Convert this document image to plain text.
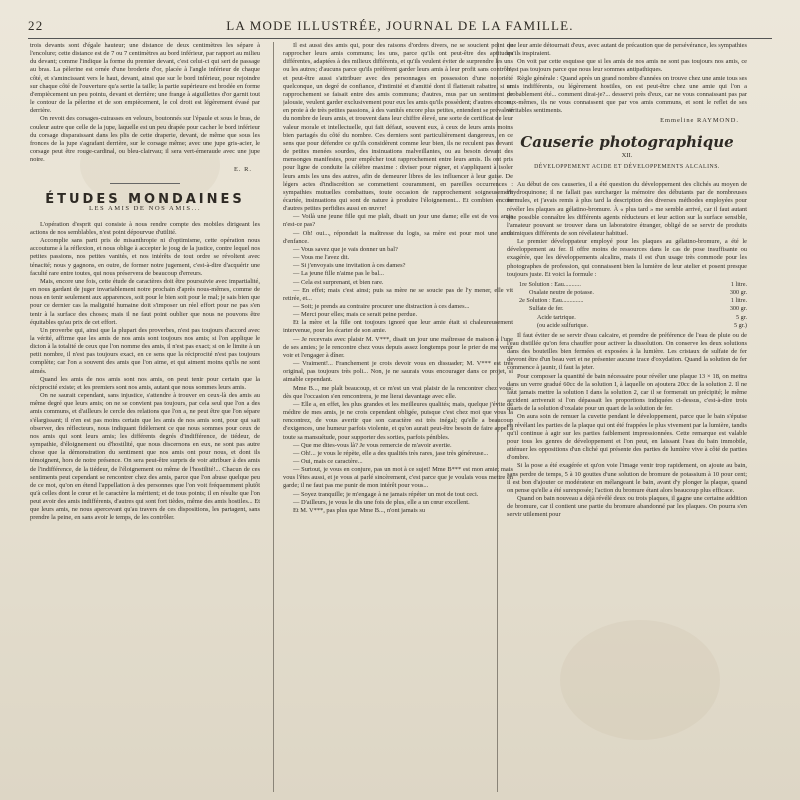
22	LA MODE ILLUSTRÉE, JOURNAL DE LA FAMILLE.

trois devants sont d'égale hauteur; une distance de deux centimètres les sépare à l'encolure; cette distance est de 7 ou 7 centimètres au bord inférieur, par rapport au milieu du devant; comme l'indique la forme du premier devant, c'est celui-ci qui sert de passage au bras. La pèlerine est ornée d'une broderie d'or, placée à l'angle inférieur de chaque côté, et s'amincissant vers le haut, devant, ainsi que sur le bord inférieur, pour rejoindre sur chaque côté de l'ouverture qu'a sertie la taille; la partie supérieure est brodée en forme d'empiècement un peu pointu, devant et derrière; une frange à aiguillettes d'or garnit tout le contour de la pèlerine et de son empiècement, le col droit est légèrement évasé par derrière.

On revoit des corsages-cuirasses en velours, boutonnés sur l'épaule et sous le bras, de couleur autre que celle de la jupe, laquelle est un peu drapée pour cacher le bord inférieur du corsage disparaissant dans les plis de cette draperie, devant, de même que sous les fronces de la jupe s'agrafant derrière, sur le corsage même; avec une jupe gris-acier, le corsage peut être rouge-cardinal, ou bleu-clairvau; il sera vert-émeraude avec une jupe noire.

E. R.
ÉTUDES MONDAINES
LES AMIS DE NOS AMIS...

L'opération d'esprit qui consiste à nous rendre compte des mobiles dirigeant les actions de nos semblables, n'est point dépourvue d'utilité.

Accomplie sans parti pris de misanthropie ni d'optimisme, cette opération nous accoutume à la réflexion, et nous oblige à accepter le joug de la justice, contre lequel nos petites passions, nos petites vanités, et nos intérêts de tout ordre se révoltent avec ténacité; nous y gagnons, en outre, de former notre jugement, c'est-à-dire d'acquérir une faculté rare entre toutes, qui nous préservera de beaucoup d'erreurs.

Mais, encore une fois, cette étude de caractères doit être poursuivie avec impartialité, en nous gardant de juger invariablement notre prochain d'après nous-mêmes, comme de nous en tenir seulement aux apparences, soit pour le bien soit pour le mal; je sais bien que pour ce dernier cas la malignité humaine doit s'imposer un réel effort pour ne pas s'en tenir à la surface des choses; mais il ne faut point oublier que nous ne pouvons être équitables qu'au prix de cet effort.

Un proverbe qui, ainsi que la plupart des proverbes, n'est pas toujours d'accord avec la vérité, affirme que les amis de nos amis sont toujours nos amis; si l'on applique le dicton à la totalité de ceux que l'on nomme des amis, il n'est pas exact; si on le limite à un petit nombre, il n'est pas toujours exact, en ce sens que la réciprocité n'est pas toujours complète; car l'on a souvent des amis que l'on aime, et qui aiment moins qu'ils ne sont aimés.

Quand les amis de nos amis sont nos amis, on peut tenir pour certain que la réciprocité existe; et les premiers sont nos amis, autant que nous sommes leurs amis.

On ne saurait cependant, sans injustice, s'attendre à trouver en ceux-là des amis au même degré que leurs amis; on ne se convient pas toujours, par cela seul que l'on a des amis communs, et d'ailleurs le cercle des relations que l'on a, ne peut être que l'on sépare s'élargissant; il n'en est pas moins certain que les amis de nos amis sont, pour qui sait observer, des réflecteurs, nous indiquant fidèlement ce que nous sommes pour ceux de nos amis qui sont leurs amis; les différents degrés d'indifférence, de tiédeur, de sympathie, d'éloignement ou d'hostilité, que nous discernons en eux, ne sont pas autre chose que la démonstration du sentiment que nos amis ont pour nous, et dont ils témoignent, hors de notre présence. On sera peut-être surpris de voir attribuer à des amis de l'indifférence, de la tiédeur, de l'éloignement ou même de l'hostilité!... Chacun de ces sentiments peut cependant se rencontrer chez des amis, parce que l'on abuse quelque peu de ce mot, qu'on en étend l'appellation à des personnes que l'on voit fréquemment plutôt qu'à celles dont le cœur et le caractère la méritent; et de tous points; il en résulte que l'on peut avoir des amis indifférents, d'autres qui sont fort tièdes, même des amis hostiles... Et que leurs amis, ne nous apercevant qu'au travers de ces dispositions, les partagent, sans prendre la peine, en sans avoir le temps, de les contrôler.

Il est aussi des amis qui, pour des raisons d'ordres divers, ne se soucient point de rapprocher leurs amis communs; les uns, parce qu'ils ont peut-être des aptitudes différentes, adaptées à des milieux différents, et qu'ils veulent éviter de surprendre les uns ou les autres; d'aucuns parce qu'ils préfèrent garder leurs amis à leur profit sans contrôle, et peut-être aussi s'attribuer avec des personnages en possession d'une notoriété quelconque, un degré de confiance, d'intimité et d'amitié dont il flatterait rabattre, si un rapprochement se faisait entre des amis communs; d'autres, mus par un sentiment de jalousie, veulent garder exclusivement pour eux les amis qu'ils possèdent; d'autres encore, en proie à de très petites passions, à des vanités encore plus petites, entendent se prévaloir du nombre de leurs amis, et trouvent dans leur chiffre élevé, une sorte de certificat de leur valeur morale et intellectuelle, qui fait défaut, souvent eux, à ceux de leurs amis moins bien partagés du côté du nombre. Ces derniers sont particulièrement dangereux, en ce sens que pour défendre ce qu'ils considèrent comme leur bien, ils ne reculent pas devant de petites menées sourdes, des insinuations malveillantes, ou au besoin devant des mensonges manifestes, pour empêcher tout rapprochement entre leurs amis. Ils ont pris pour ligne de conduite la célèbre maxime : diviser pour régner, et s'appliquent à isoler leurs amis les uns des autres, afin de demeurer libres de les influencer à leur guise. De légers actes d'indiscrétion se commettent couramment, en pareilles occurrences : sympathies mutuelles combattues, toute occasion de rapprochement soigneusement écartée, insinuations qui sont de nature à produire l'éloignement... Et combien encore d'autres petites perfidies aussi en œuvre!

— Voilà une jeune fille qui me plaît, disait un jour une dame; elle est de vos amis n'est-ce pas?

— Oh! oui..., répondait la maîtresse du logis, sa mère est pour moi une amie d'enfance.

— Vous savez que je vais donner un bal?

— Vous me l'avez dit.

— Si j'envoyais une invitation à ces dames?

— La jeune fille n'aime pas le bal...

— Cela est surprenant, et bien rare.

— En effet; mais c'est ainsi; puis sa mère ne se soucie pas de l'y mener, elle vit retirée, et...

— Soit; je prends au contraire procurer une distraction à ces dames...

— Merci pour elles; mais ce serait peine perdue.

Et la mère et la fille ont toujours ignoré que leur amie était si chaleureusement intervenue, pour les écarter de son amie.

— Je recevrais avec plaisir M. V***, disait un jour une maîtresse de maison à l'une de ses amies; je le rencontre chez vous depuis assez longtemps pour le prier de me venir voir et l'engager à dîner.

— Vraiment!... Franchement je crois devoir vous en dissuader; M. V*** est très original, pas toujours très poli... Non, je ne saurais vous encourager dans ce projet, si aimable cependant.

Mme B..., me plaît beaucoup, et ce m'est un vrai plaisir de la rencontrer chez vous; dès que l'occasion s'en rencontrera, je me lierai davantage avec elle.

— Elle a, en effet, les plus grandes et les meilleures qualités; mais, quelque j'évite de médire de mes amis, je ne crois cependant obligée, puisque c'est chez moi que vous la rencontrez, de vous avertir que son caractère est très inégal; qu'elle a beaucoup d'exigences, une humeur parfois violente, et qu'on aurait peut-être besoin de faire appel à toute sa mansuétude, pour supporter des sorties, parfois pénibles.

— Que me dites-vous là? Je vous remercie de m'avoir avertie.

— Oh!... je vous le répète, elle a des qualités très rares, jase très généreuse...

— Oui, mais ce caractère...

— Surtout, je vous en conjure, pas un mot à ce sujet! Mme B*** est mon amie; mais vous l'êtes aussi, et je vous ai parlé sincèrement, c'est parce que je voulais vous mettre en garde; il ne faut pas me punir de mon intérêt pour vous...

— Soyez tranquille; je m'engage à ne jamais répéter un mot de tout ceci.

— D'ailleurs, je vous le dis une fois de plus, elle a un cœur excellent.

Et M. V***, pas plus que Mme B..., n'ont jamais su

que leur amie détournait d'eux, avec autant de précaution que de persévérance, les sympathies qu'ils inspiraient.

On voit par cette esquisse que si les amis de nos amis ne sont pas toujours nos amis, ce n'est pas toujours parce que nous leur sommes antipathiques.

Règle générale : Quand après un grand nombre d'années on trouve chez une amie tous ses amis indifférents, ou légèrement hostiles, on est peut-être chez une amie qui l'on a probablement été... comment dirai-je?... desservi près d'eux, car ne vous connaissant pas par eux-mêmes, ils ne vous connaissent que par vos amis communs, et sont le reflet de ses véritables sentiments.

Emmeline RAYMOND.
Causerie photographique
XII.
DÉVELOPPEMENT ACIDE ET DÉVELOPPEMENTS ALCALINS.

Au début de ces causeries, il a été question du développement des clichés au moyen de l'hydroquinone; il ne fallait pas surcharger la mémoire des débutants par de nombreuses formules, et j'avais remis à plus tard la description des diverses méthodes employées pour révéler les plaques au gélatino-bromure. À « plus tard » me semble arrivé, car il faut autant que possible connaître les différents agents réducteurs et leur action sur la surface sensible, l'amateur pouvant se trouver dans un laboratoire étranger, obligé de se servir de produits chimiques différents de son révélateur habituel.

Le premier développateur employé pour les plaques au gélatino-bromure, a été le développement au fer. Il offre moins de ressources dans le cas de pose insuffisante ou exagérée, que les développements alcalins, mais il est d'un usage très commode pour les photographes de profession, qui connaissent bien la lumière de leur atelier et posent presque toujours juste. Et voici la formule :

1re Solution : Eau...........	1 litre.
Oxalate neutre de potasse.	300 gr.
2e Solution : Eau..............	1 litre.
Sulfate de fer.	300 gr.
Acide tartrique.	5 gr.
(ou acide sulfurique.	5 gr.)

Il faut éviter de se servir d'eau calcaire, et prendre de préférence de l'eau de pluie ou de l'eau distillée qu'on fera chauffer pour activer la dissolution. On conserve les deux solutions dans des bouteilles bien fermées et exposées à la lumière. Les cristaux de sulfate de fer devront être d'un beau vert et ne présenter aucune trace d'oxydation. Quand la solution de fer commence à jaunir, il faut la jeter.

Pour composer la quantité de bain nécessaire pour révéler une plaque 13 × 18, on mettra dans un verre gradué 60cc de la solution I, à laquelle on ajoutera 20cc de la solution 2. Il ne faut jamais mettre la solution I dans la solution 2, car il se formerait un précipité; le même accident arriverait si l'on dépassait les proportions indiquées ci-dessus, c'est-à-dire trois quarts de la solution d'oxalate pour un quart de la solution de fer.

On aura soin de remuer la cuvette pendant le développement, parce que le bain s'épuise en révélant les parties de la plaque qui ont été frappées le plus vivement par la lumière, tandis qu'il continue à agir sur les parties faiblement impressionnées. Cette remarque est valable pour tous les genres de développement et l'on peut, en laissant l'eau du bain immobile, atténuer les oppositions d'un cliché qui présente des parties de lumière vive à côté de parties d'ombre.

Si la pose a été exagérée et qu'on voie l'image venir trop rapidement, on ajoute au bain, sans perdre de temps, 5 à 10 gouttes d'une solution de bromure de potassium à 10 pour cent; il est bon d'ajouter ce modérateur en mélangeant le bain, avant d'y plonger la plaque, quand on pense qu'elle a été surexposée; l'action du bromure étant alors beaucoup plus efficace.

Quand on bain nouveau a déjà révélé deux ou trois plaques, il gagne une certaine addition de bromure, car il contient une partie du bromure abandonné par les plaques. On pourra s'en servir utilement pour
